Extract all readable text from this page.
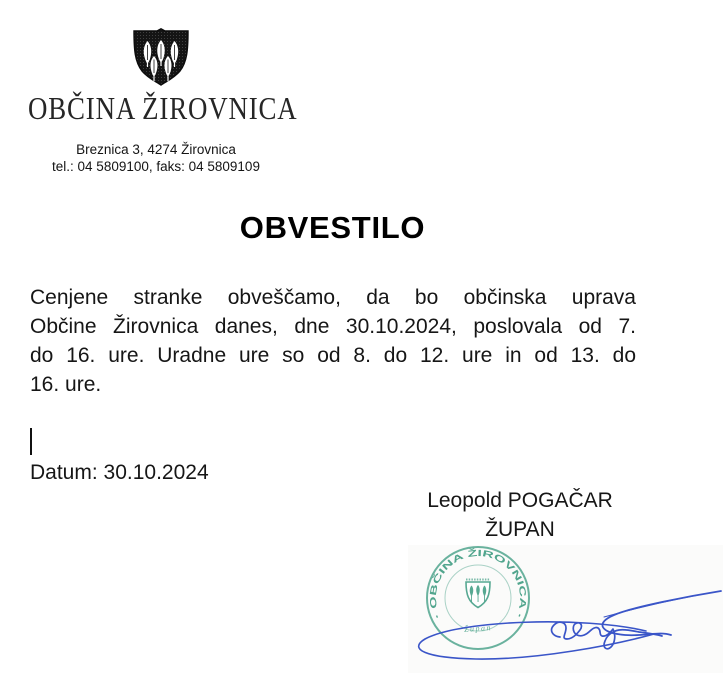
OBČINA ŽIROVNICA
Breznica 3, 4274 Žirovnica
tel.: 04 5809100, faks: 04 5809109
OBVESTILO
Cenjene stranke obveščamo, da bo občinska uprava
Občine Žirovnica danes, dne 30.10.2024, poslovala od 7.
do 16. ure. Uradne ure so od 8. do 12. ure in od 13. do
16. ure.
Datum: 30.10.2024
Leopold POGAČAR
ŽUPAN
· OBČINA ŽIROVNICA ·
Župan
